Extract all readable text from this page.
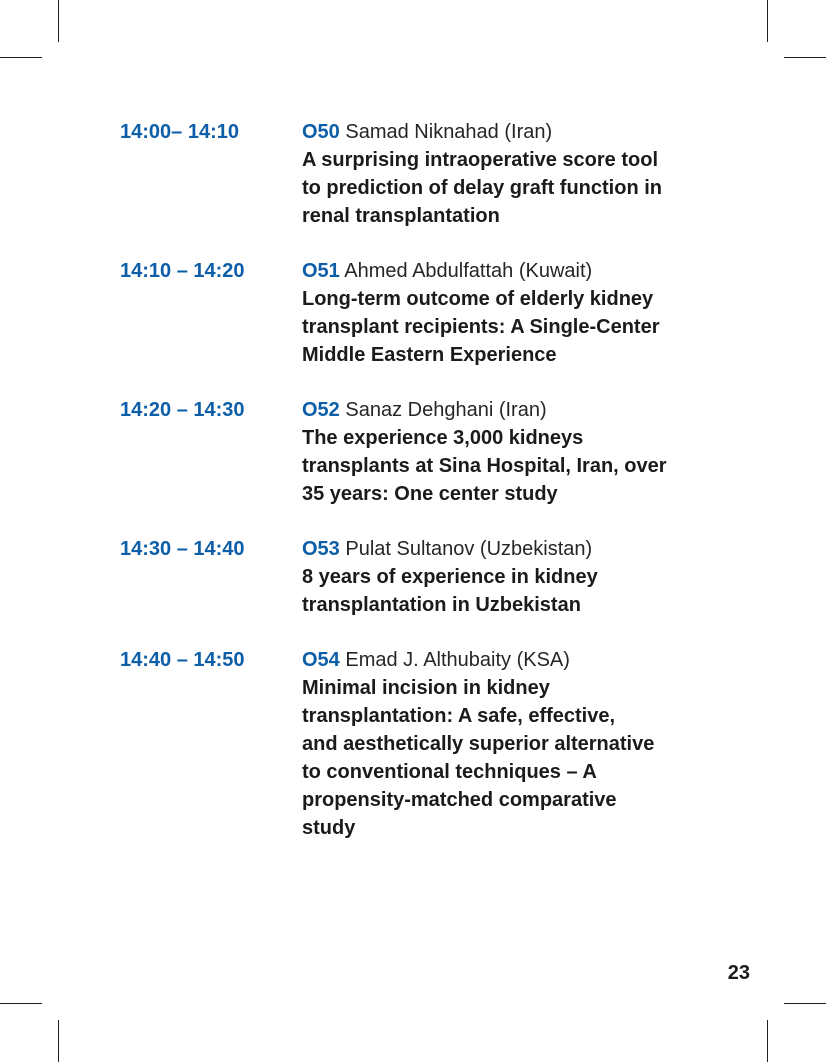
14:00– 14:10	O50 Samad Niknahad (Iran)
A surprising intraoperative score tool
to prediction of delay graft function in
renal transplantation
14:10 – 14:20	O51 Ahmed Abdulfattah (Kuwait)
Long-term outcome of elderly kidney
transplant recipients: A Single-Center
Middle Eastern Experience
14:20 – 14:30	O52 Sanaz Dehghani (Iran)
The experience 3,000 kidneys
transplants at Sina Hospital, Iran, over
35 years: One center study
14:30 – 14:40	O53 Pulat Sultanov (Uzbekistan)
8 years of experience in kidney
transplantation in Uzbekistan
14:40 – 14:50	O54 Emad J. Althubaity (KSA)
Minimal incision in kidney
transplantation: A safe, effective,
and aesthetically superior alternative
to conventional techniques – A
propensity-matched comparative
study
23
